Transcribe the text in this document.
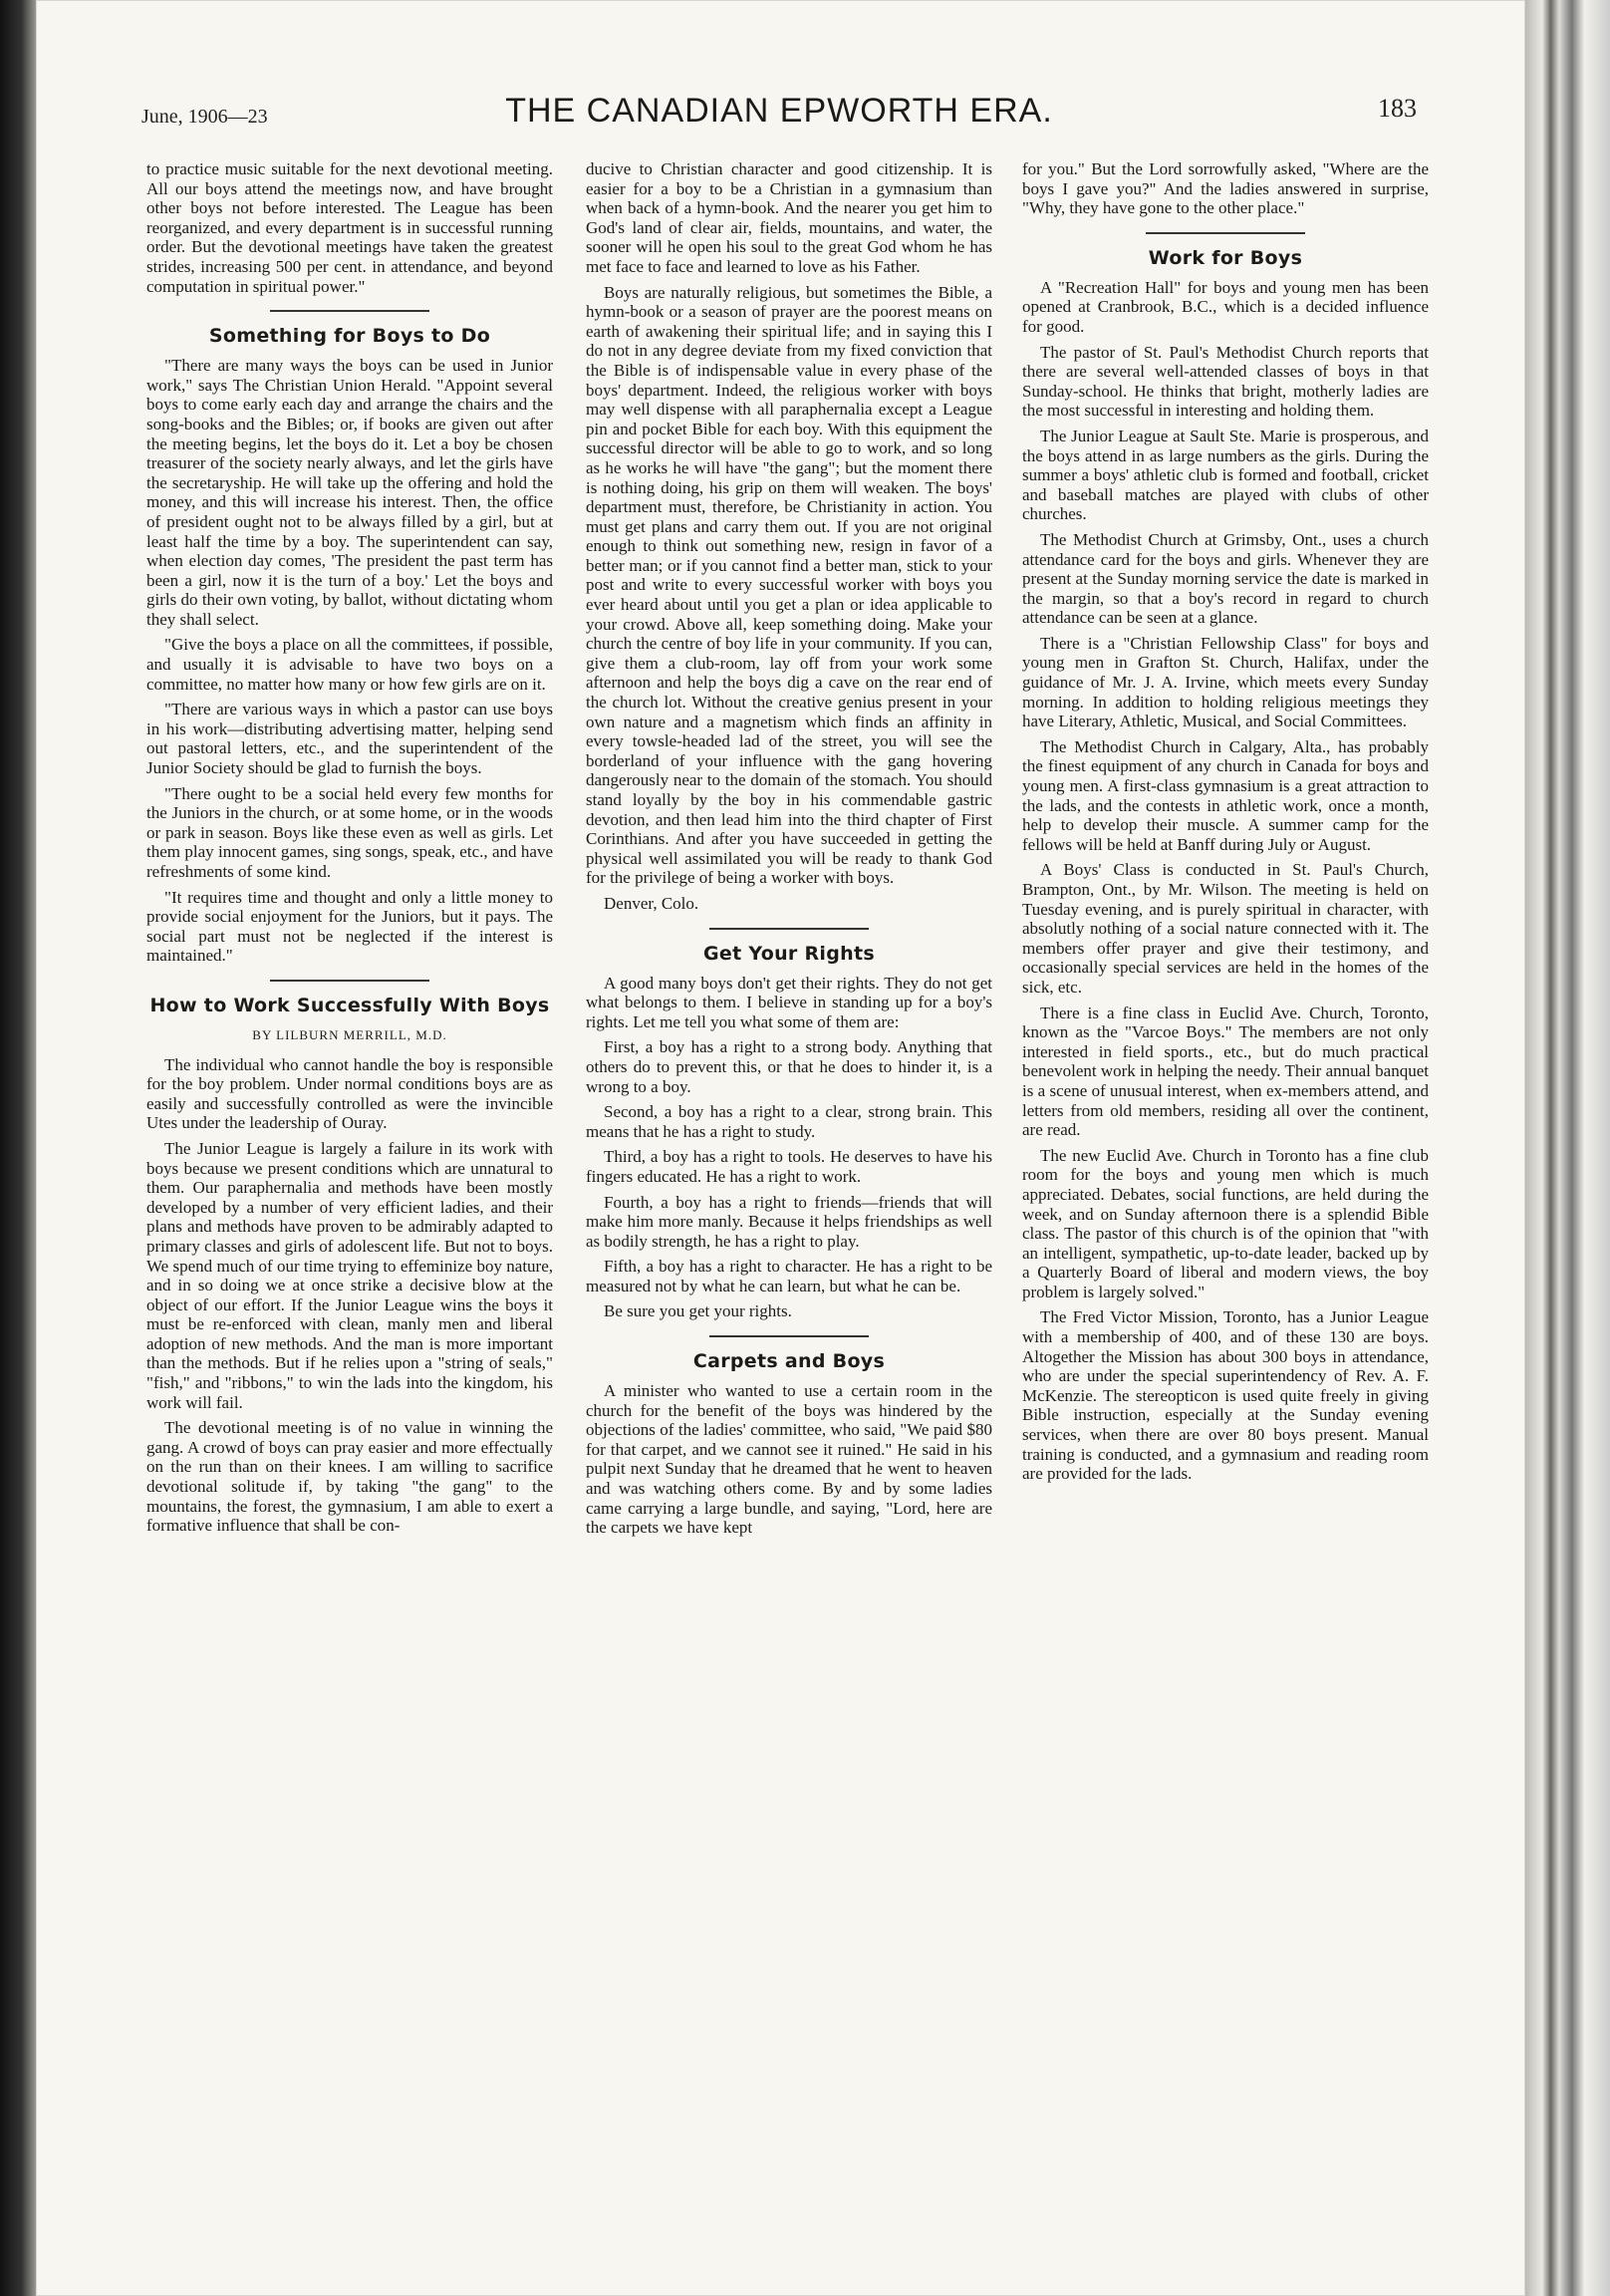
June, 1906—23	THE CANADIAN EPWORTH ERA.	183

to practice music suitable for the next devotional meeting. All our boys attend the meetings now, and have brought other boys not before interested. The League has been reorganized, and every department is in successful running order. But the devotional meetings have taken the greatest strides, increasing 500 per cent. in attendance, and beyond computation in spiritual power."

Something for Boys to Do

"There are many ways the boys can be used in Junior work," says The Christian Union Herald. "Appoint several boys to come early each day and arrange the chairs and the song-books and the Bibles; or, if books are given out after the meeting begins, let the boys do it. Let a boy be chosen treasurer of the society nearly always, and let the girls have the secretaryship. He will take up the offering and hold the money, and this will increase his interest. Then, the office of president ought not to be always filled by a girl, but at least half the time by a boy. The superintendent can say, when election day comes, 'The president the past term has been a girl, now it is the turn of a boy.' Let the boys and girls do their own voting, by ballot, without dictating whom they shall select.

"Give the boys a place on all the committees, if possible, and usually it is advisable to have two boys on a committee, no matter how many or how few girls are on it.

"There are various ways in which a pastor can use boys in his work—distributing advertising matter, helping send out pastoral letters, etc., and the superintendent of the Junior Society should be glad to furnish the boys.

"There ought to be a social held every few months for the Juniors in the church, or at some home, or in the woods or park in season. Boys like these even as well as girls. Let them play innocent games, sing songs, speak, etc., and have refreshments of some kind.

"It requires time and thought and only a little money to provide social enjoyment for the Juniors, but it pays. The social part must not be neglected if the interest is maintained."

How to Work Successfully With Boys
BY LILBURN MERRILL, M.D.

The individual who cannot handle the boy is responsible for the boy problem. Under normal conditions boys are as easily and successfully controlled as were the invincible Utes under the leadership of Ouray.

The Junior League is largely a failure in its work with boys because we present conditions which are unnatural to them. Our paraphernalia and methods have been mostly developed by a number of very efficient ladies, and their plans and methods have proven to be admirably adapted to primary classes and girls of adolescent life. But not to boys. We spend much of our time trying to effeminize boy nature, and in so doing we at once strike a decisive blow at the object of our effort. If the Junior League wins the boys it must be re-enforced with clean, manly men and liberal adoption of new methods. And the man is more important than the methods. But if he relies upon a "string of seals," "fish," and "ribbons," to win the lads into the kingdom, his work will fail.

The devotional meeting is of no value in winning the gang. A crowd of boys can pray easier and more effectually on the run than on their knees. I am willing to sacrifice devotional solitude if, by taking "the gang" to the mountains, the forest, the gymnasium, I am able to exert a formative influence that shall be con-

ducive to Christian character and good citizenship. It is easier for a boy to be a Christian in a gymnasium than when back of a hymn-book. And the nearer you get him to God's land of clear air, fields, mountains, and water, the sooner will he open his soul to the great God whom he has met face to face and learned to love as his Father.

Boys are naturally religious, but sometimes the Bible, a hymn-book or a season of prayer are the poorest means on earth of awakening their spiritual life; and in saying this I do not in any degree deviate from my fixed conviction that the Bible is of indispensable value in every phase of the boys' department. Indeed, the religious worker with boys may well dispense with all paraphernalia except a League pin and pocket Bible for each boy. With this equipment the successful director will be able to go to work, and so long as he works he will have "the gang"; but the moment there is nothing doing, his grip on them will weaken. The boys' department must, therefore, be Christianity in action. You must get plans and carry them out. If you are not original enough to think out something new, resign in favor of a better man; or if you cannot find a better man, stick to your post and write to every successful worker with boys you ever heard about until you get a plan or idea applicable to your crowd. Above all, keep something doing. Make your church the centre of boy life in your community. If you can, give them a club-room, lay off from your work some afternoon and help the boys dig a cave on the rear end of the church lot. Without the creative genius present in your own nature and a magnetism which finds an affinity in every towsle-headed lad of the street, you will see the borderland of your influence with the gang hovering dangerously near to the domain of the stomach. You should stand loyally by the boy in his commendable gastric devotion, and then lead him into the third chapter of First Corinthians. And after you have succeeded in getting the physical well assimilated you will be ready to thank God for the privilege of being a worker with boys.

Denver, Colo.

Get Your Rights

A good many boys don't get their rights. They do not get what belongs to them. I believe in standing up for a boy's rights. Let me tell you what some of them are:

First, a boy has a right to a strong body. Anything that others do to prevent this, or that he does to hinder it, is a wrong to a boy.

Second, a boy has a right to a clear, strong brain. This means that he has a right to study.

Third, a boy has a right to tools. He deserves to have his fingers educated. He has a right to work.

Fourth, a boy has a right to friends—friends that will make him more manly. Because it helps friendships as well as bodily strength, he has a right to play.

Fifth, a boy has a right to character. He has a right to be measured not by what he can learn, but what he can be.

Be sure you get your rights.

Carpets and Boys

A minister who wanted to use a certain room in the church for the benefit of the boys was hindered by the objections of the ladies' committee, who said, "We paid $80 for that carpet, and we cannot see it ruined." He said in his pulpit next Sunday that he dreamed that he went to heaven and was watching others come. By and by some ladies came carrying a large bundle, and saying, "Lord, here are the carpets we have kept

for you." But the Lord sorrowfully asked, "Where are the boys I gave you?" And the ladies answered in surprise, "Why, they have gone to the other place."

Work for Boys

A "Recreation Hall" for boys and young men has been opened at Cranbrook, B.C., which is a decided influence for good.

The pastor of St. Paul's Methodist Church reports that there are several well-attended classes of boys in that Sunday-school. He thinks that bright, motherly ladies are the most successful in interesting and holding them.

The Junior League at Sault Ste. Marie is prosperous, and the boys attend in as large numbers as the girls. During the summer a boys' athletic club is formed and football, cricket and baseball matches are played with clubs of other churches.

The Methodist Church at Grimsby, Ont., uses a church attendance card for the boys and girls. Whenever they are present at the Sunday morning service the date is marked in the margin, so that a boy's record in regard to church attendance can be seen at a glance.

There is a "Christian Fellowship Class" for boys and young men in Grafton St. Church, Halifax, under the guidance of Mr. J. A. Irvine, which meets every Sunday morning. In addition to holding religious meetings they have Literary, Athletic, Musical, and Social Committees.

The Methodist Church in Calgary, Alta., has probably the finest equipment of any church in Canada for boys and young men. A first-class gymnasium is a great attraction to the lads, and the contests in athletic work, once a month, help to develop their muscle. A summer camp for the fellows will be held at Banff during July or August.

A Boys' Class is conducted in St. Paul's Church, Brampton, Ont., by Mr. Wilson. The meeting is held on Tuesday evening, and is purely spiritual in character, with absolutly nothing of a social nature connected with it. The members offer prayer and give their testimony, and occasionally special services are held in the homes of the sick, etc.

There is a fine class in Euclid Ave. Church, Toronto, known as the "Varcoe Boys." The members are not only interested in field sports., etc., but do much practical benevolent work in helping the needy. Their annual banquet is a scene of unusual interest, when ex-members attend, and letters from old members, residing all over the continent, are read.

The new Euclid Ave. Church in Toronto has a fine club room for the boys and young men which is much appreciated. Debates, social functions, are held during the week, and on Sunday afternoon there is a splendid Bible class. The pastor of this church is of the opinion that "with an intelligent, sympathetic, up-to-date leader, backed up by a Quarterly Board of liberal and modern views, the boy problem is largely solved."

The Fred Victor Mission, Toronto, has a Junior League with a membership of 400, and of these 130 are boys. Altogether the Mission has about 300 boys in attendance, who are under the special superintendency of Rev. A. F. McKenzie. The stereopticon is used quite freely in giving Bible instruction, especially at the Sunday evening services, when there are over 80 boys present. Manual training is conducted, and a gymnasium and reading room are provided for the lads.
